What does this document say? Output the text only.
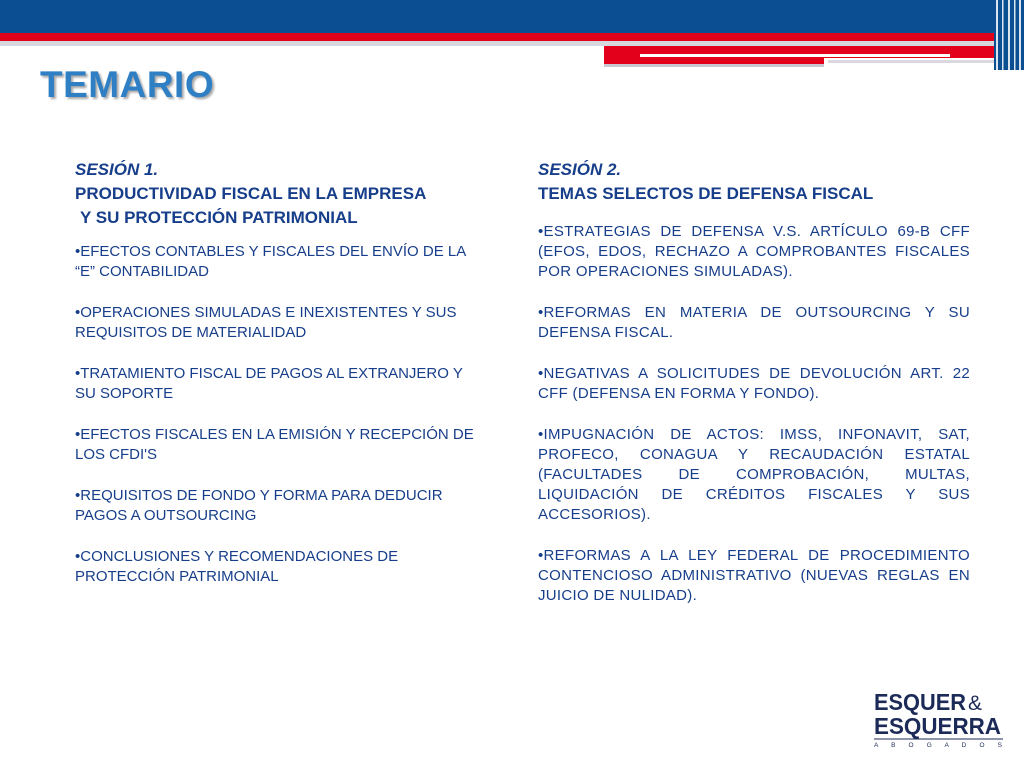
TEMARIO
SESIÓN 1.
PRODUCTIVIDAD FISCAL EN LA EMPRESA
Y SU PROTECCIÓN PATRIMONIAL
•EFECTOS CONTABLES Y FISCALES DEL ENVÍO DE LA “E” CONTABILIDAD
•OPERACIONES SIMULADAS E INEXISTENTES Y SUS REQUISITOS DE MATERIALIDAD
•TRATAMIENTO FISCAL DE PAGOS AL EXTRANJERO Y SU SOPORTE
•EFECTOS FISCALES EN LA EMISIÓN Y RECEPCIÓN DE LOS CFDI'S
•REQUISITOS DE FONDO Y FORMA PARA DEDUCIR PAGOS A OUTSOURCING
•CONCLUSIONES Y RECOMENDACIONES DE PROTECCIÓN PATRIMONIAL
SESIÓN 2.
TEMAS SELECTOS DE DEFENSA FISCAL
•ESTRATEGIAS DE DEFENSA V.S. ARTÍCULO 69-B CFF (EFOS, EDOS, RECHAZO A COMPROBANTES FISCALES POR OPERACIONES SIMULADAS).
•REFORMAS EN MATERIA DE OUTSOURCING Y SU DEFENSA FISCAL.
•NEGATIVAS A SOLICITUDES DE DEVOLUCIÓN ART. 22 CFF (DEFENSA EN FORMA Y FONDO).
•IMPUGNACIÓN DE ACTOS: IMSS, INFONAVIT, SAT, PROFECO, CONAGUA Y RECAUDACIÓN ESTATAL (FACULTADES DE COMPROBACIÓN, MULTAS, LIQUIDACIÓN DE CRÉDITOS FISCALES Y SUS ACCESORIOS).
•REFORMAS A LA LEY FEDERAL DE PROCEDIMIENTO CONTENCIOSO ADMINISTRATIVO (NUEVAS REGLAS EN JUICIO DE NULIDAD).
ESQUER &
ESQUERRA
A B O G A D O S
